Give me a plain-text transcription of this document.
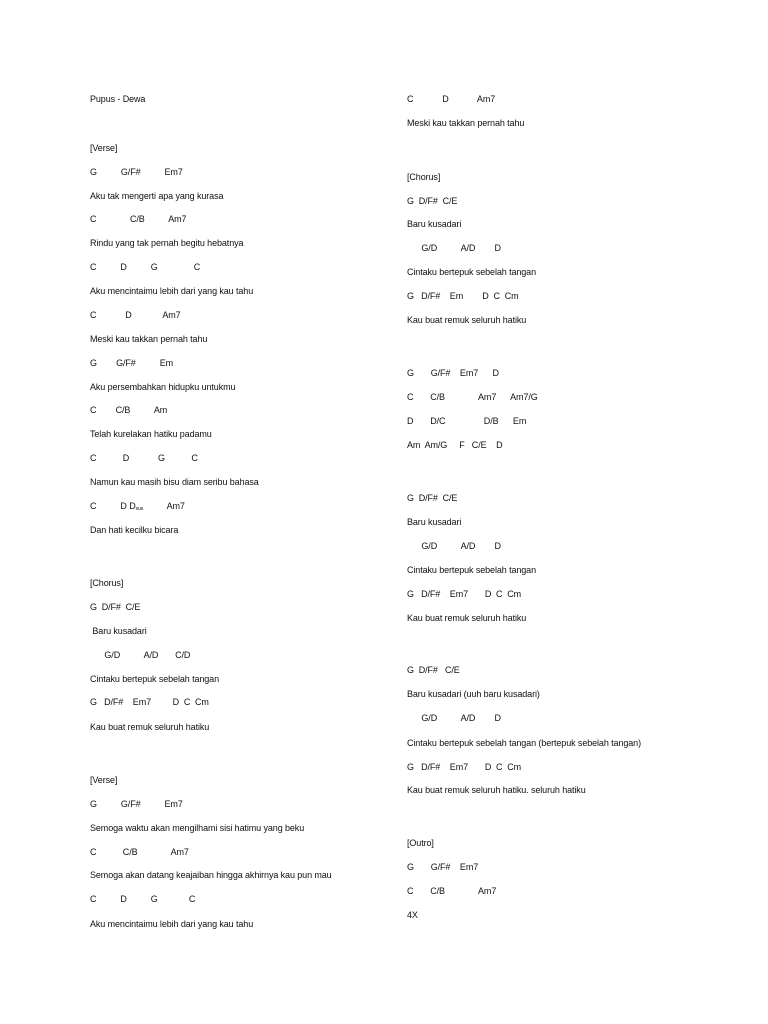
Pupus - Dewa
[Verse]
G          G/F#          Em7
Aku tak mengerti apa yang kurasa
C              C/B          Am7
Rindu yang tak pernah begitu hebatnya
C          D          G               C
Aku mencintaimu lebih dari yang kau tahu
C            D             Am7
Meski kau takkan pernah tahu
G        G/F#          Em
Aku persembahkan hidupku untukmu
C        C/B          Am
Telah kurelakan hatiku padamu
C           D            G           C
Namun kau masih bisu diam seribu bahasa
C          D $D_{sus}$          Am7
Dan hati kecilku bicara
[Chorus]
G  D/F#  C/E
Baru kusadari
G/D          A/D       C/D
Cintaku bertepuk sebelah tangan
G   D/F#    Em7         D  C  Cm
Kau buat remuk seluruh hatiku
[Verse]
G          G/F#          Em7
Semoga waktu akan mengilhami sisi hatimu yang beku
C           C/B              Am7
Semoga akan datang keajaiban hingga akhirnya kau pun mau
C          D          G             C
Aku mencintaimu lebih dari yang kau tahu
C            D            Am7
Meski kau takkan pernah tahu
[Chorus]
G  D/F#  C/E
Baru kusadari
G/D          A/D        D
Cintaku bertepuk sebelah tangan
G   D/F#    Em        D  C  Cm
Kau buat remuk seluruh hatiku
G       G/F#    Em7      D
C       C/B              Am7      Am7/G
D       D/C                D/B      Em
Am  Am/G     F   C/E    D
G  D/F#  C/E
Baru kusadari
G/D          A/D        D
Cintaku bertepuk sebelah tangan
G   D/F#    Em7       D  C  Cm
Kau buat remuk seluruh hatiku
G  D/F#   C/E
Baru kusadari (uuh baru kusadari)
G/D          A/D        D
Cintaku bertepuk sebelah tangan (bertepuk sebelah tangan)
G   D/F#    Em7       D  C  Cm
Kau buat remuk seluruh hatiku. seluruh hatiku
[Outro]
G       G/F#    Em7
C       C/B              Am7
4X
